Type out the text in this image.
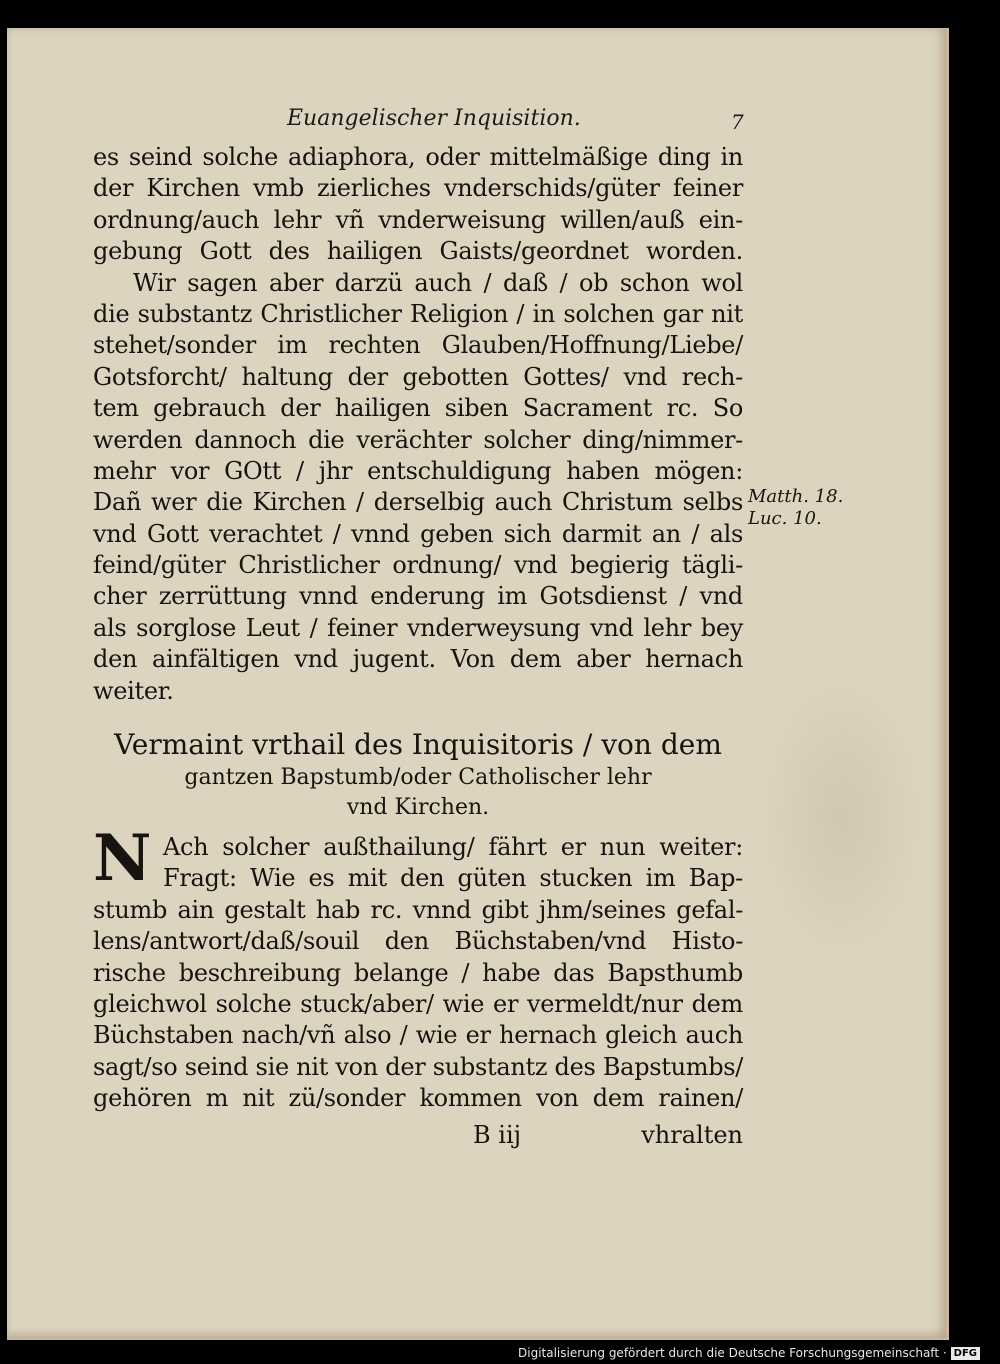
Euangelischer Inquisition.	7
es seind solche adiaphora, oder mittelmäßige ding in
der Kirchen vmb zierliches vnderschids/güter feiner
ordnung/auch lehr vñ vnderweisung willen/auß ein-
gebung Gott des hailigen Gaists/geordnet worden.
Wir sagen aber darzü auch / daß / ob schon wol
die substantz Christlicher Religion / in solchen gar nit
stehet/sonder im rechten Glauben/Hoffnung/Liebe/
Gotsforcht/ haltung der gebotten Gottes/ vnd rech-
tem gebrauch der hailigen siben Sacrament rc. So
werden dannoch die verächter solcher ding/nimmer-
mehr vor GOtt / jhr entschuldigung haben mögen:
Dañ wer die Kirchen / derselbig auch Christum selbs
vnd Gott verachtet / vnnd geben sich darmit an / als
feind/güter Christlicher ordnung/ vnd begierig tägli-
cher zerrüttung vnnd enderung im Gotsdienst / vnd
als sorglose Leut / feiner vnderweysung vnd lehr bey
den ainfältigen vnd jugent. Von dem aber hernach
weiter.
Matth. 18.
Luc. 10.
Vermaint vrthail des Inquisitoris / von dem
gantzen Bapstumb/oder Catholischer lehr
vnd Kirchen.
N Ach solcher außthailung/ fährt er nun weiter:
Fragt: Wie es mit den güten stucken im Bap-
stumb ain gestalt hab rc. vnnd gibt jhm/seines gefal-
lens/antwort/daß/souil den Büchstaben/vnd Histo-
rische beschreibung belange / habe das Bapsthumb
gleichwol solche stuck/aber/ wie er vermeldt/nur dem
Büchstaben nach/vñ also / wie er hernach gleich auch
sagt/so seind sie nit von der substantz des Bapstumbs/
gehören m nit zü/sonder kommen von dem rainen/
B iij	vhralten
Digitalisierung gefördert durch die Deutsche Forschungsgemeinschaft · DFG
